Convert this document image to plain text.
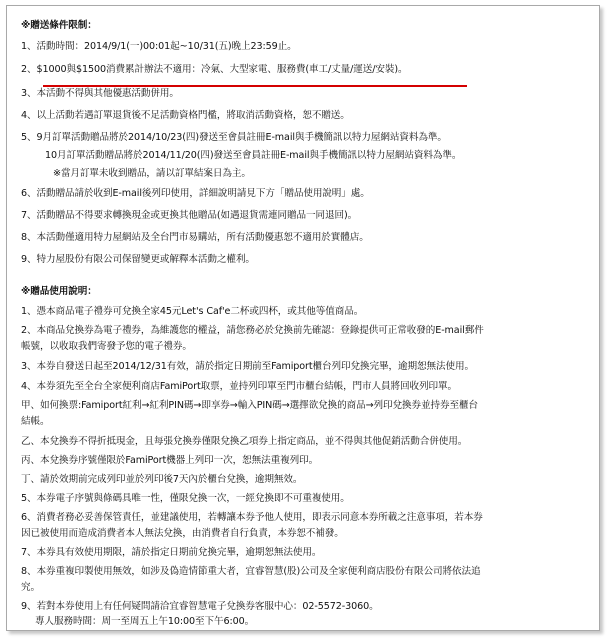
※贈送條件限制：
1、活動時間：2014/9/1(一)00:01起~10/31(五)晚上23:59止。
2、$1000與$1500消費累計辦法不適用：冷氣、大型家電、服務費(車工/丈量/運送/安裝)。
3、本活動不得與其他優惠活動併用。
4、以上活動若遇訂單退貨後不足活動資格門檻，將取消活動資格，恕不贈送。
5、9月訂單活動贈品將於2014/10/23(四)發送至會員註冊E-mail與手機簡訊以特力屋網站資料為準。
10月訂單活動贈品將於2014/11/20(四)發送至會員註冊E-mail與手機簡訊以特力屋網站資料為準。
※當月訂單未收到贈品，請以訂單結案日為主。
6、活動贈品請於收到E-mail後列印使用，詳細說明請見下方「贈品使用說明」處。
7、活動贈品不得要求轉換現金或更換其他贈品(如遇退貨需連同贈品一同退回)。
8、本活動僅適用特力屋網站及全台門市易購站，所有活動優惠恕不適用於實體店。
9、特力屋股份有限公司保留變更或解釋本活動之權利。
※贈品使用說明：
1、憑本商品電子禮券可兌換全家45元Let's Caf'e二杯或四杯，或其他等值商品。
2、本商品兌換券為電子禮券，為維護您的權益，請您務必於兌換前先確認：登錄提供可正常收發的E-mail郵件
帳號，以收取我們寄發予您的電子禮券。
3、本券自發送日起至2014/12/31有效，請於指定日期前至Famiport櫃台列印兌換完畢，逾期恕無法使用。
4、本券須先至全台全家便利商店FamiPort取票，並持列印單至門市櫃台結帳，門市人員將回收列印單。
甲、如何換票:Famiport紅利→紅利PIN碼→即享券→輸入PIN碼→選擇欲兌換的商品→列印兌換券並持券至櫃台
結帳。
乙、本兌換券不得折抵現金，且每張兌換券僅限兌換乙項券上指定商品，並不得與其他促銷活動合併使用。
丙、本兌換券序號僅限於FamiPort機器上列印一次，恕無法重複列印。
丁、請於效期前完成列印並於列印後7天內於櫃台兌換，逾期無效。
5、本券電子序號與條碼具唯一性，僅限兌換一次，一經兌換即不可重複使用。
6、消費者務必妥善保管責任，並建議使用，若轉讓本券予他人使用，即表示同意本券所載之注意事項，若本券
因已被使用而造成消費者本人無法兌換，由消費者自行負責，本券恕不補發。
7、本券具有效使用期限，請於指定日期前兌換完畢，逾期恕無法使用。
8、本券重複印製使用無效，如涉及偽造情節重大者，宜睿智慧(股)公司及全家便利商店股份有限公司將依法追
究。
9、若對本券使用上有任何疑問請洽宜睿智慧電子兌換券客服中心：02-5572-3060。
專人服務時間：周一至周五上午10:00至下午6:00。
